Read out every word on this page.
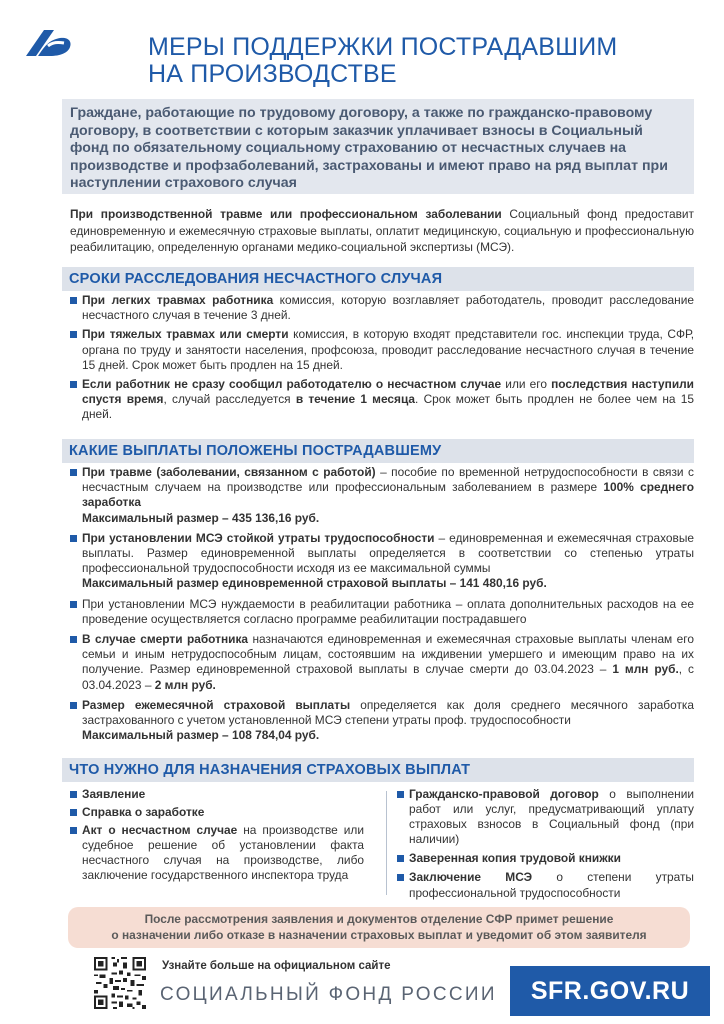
МЕРЫ ПОДДЕРЖКИ ПОСТРАДАВШИМ
НА ПРОИЗВОДСТВЕ
Граждане, работающие по трудовому договору, а также по гражданско-правовому договору, в соответствии с которым заказчик уплачивает взносы в Социальный фонд по обязательному социальному страхованию от несчастных случаев на производстве и профзаболеваний, застрахованы и имеют право на ряд выплат при наступлении страхового случая

При производственной травме или профессиональном заболевании Социальный фонд предоставит единовременную и ежемесячную страховые выплаты, оплатит медицинскую, социальную и профессиональную реабилитацию, определенную органами медико-социальной экспертизы (МСЭ).

СРОКИ РАССЛЕДОВАНИЯ НЕСЧАСТНОГО СЛУЧАЯ
При легких травмах работника комиссия, которую возглавляет работодатель, проводит расследование несчастного случая в течение 3 дней.
При тяжелых травмах или смерти комиссия, в которую входят представители гос. инспекции труда, СФР, органа по труду и занятости населения, профсоюза, проводит расследование несчастного случая в течение 15 дней. Срок может быть продлен на 15 дней.
Если работник не сразу сообщил работодателю о несчастном случае или его последствия наступили спустя время, случай расследуется в течение 1 месяца. Срок может быть продлен не более чем на 15 дней.
КАКИЕ ВЫПЛАТЫ ПОЛОЖЕНЫ ПОСТРАДАВШЕМУ
При травме (заболевании, связанном с работой) – пособие по временной нетрудоспособности в связи с несчастным случаем на производстве или профессиональным заболеванием в размере 100% среднего заработка
Максимальный размер – 435 136,16 руб.
При установлении МСЭ стойкой утраты трудоспособности – единовременная и ежемесячная страховые выплаты. Размер единовременной выплаты определяется в соответствии со степенью утраты профессиональной трудоспособности исходя из ее максимальной суммы
Максимальный размер единовременной страховой выплаты – 141 480,16 руб.
При установлении МСЭ нуждаемости в реабилитации работника – оплата дополнительных расходов на ее проведение осуществляется согласно программе реабилитации пострадавшего
В случае смерти работника назначаются единовременная и ежемесячная страховые выплаты членам его семьи и иным нетрудоспособным лицам, состоявшим на иждивении умершего и имеющим право на их получение. Размер единовременной страховой выплаты в случае смерти до 03.04.2023 – 1 млн руб., с 03.04.2023 – 2 млн руб.
Размер ежемесячной страховой выплаты определяется как доля среднего месячного заработка застрахованного с учетом установленной МСЭ степени утраты проф. трудоспособности
Максимальный размер – 108 784,04 руб.
ЧТО НУЖНО ДЛЯ НАЗНАЧЕНИЯ СТРАХОВЫХ ВЫПЛАТ
Заявление
Справка о заработке
Акт о несчастном случае на производстве или судебное решение об установлении факта несчастного случая на производстве, либо заключение государственного инспектора труда
Гражданско-правовой договор о выполнении работ или услуг, предусматривающий уплату страховых взносов в Социальный фонд (при наличии)
Заверенная копия трудовой книжки
Заключение МСЭ о степени утраты профессиональной трудоспособности
После рассмотрения заявления и документов отделение СФР примет решение
о назначении либо отказе в назначении страховых выплат и уведомит об этом заявителя
Узнайте больше на официальном сайте
СОЦИАЛЬНЫЙ ФОНД РОССИИ	SFR.GOV.RU
